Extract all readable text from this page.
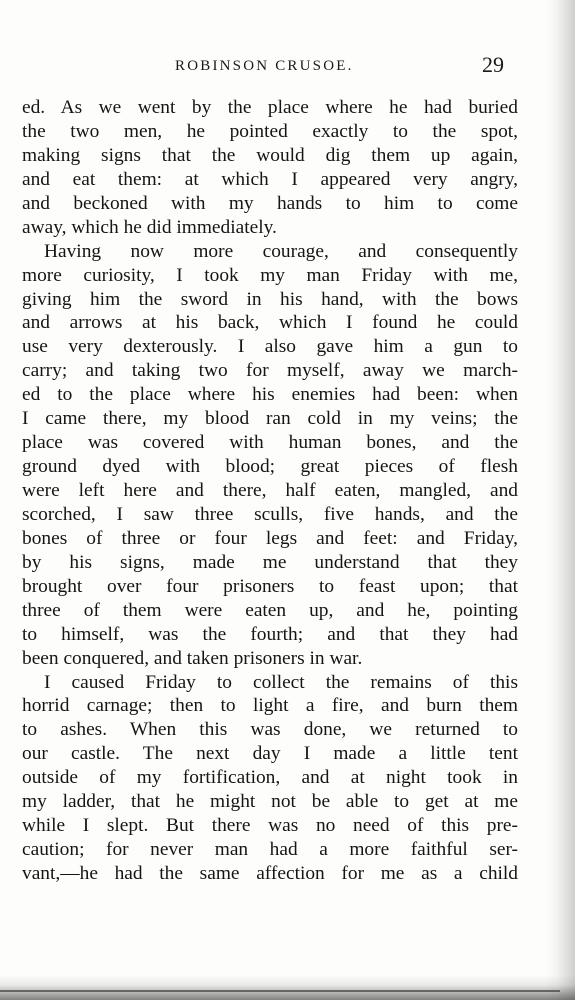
ROBINSON CRUSOE.	29
ed. As we went by the place where he had buried
the two men, he pointed exactly to the spot,
making signs that the would dig them up again,
and eat them: at which I appeared very angry,
and beckoned with my hands to him to come
away, which he did immediately.
Having now more courage, and consequently
more curiosity, I took my man Friday with me,
giving him the sword in his hand, with the bows
and arrows at his back, which I found he could
use very dexterously. I also gave him a gun to
carry; and taking two for myself, away we march-
ed to the place where his enemies had been: when
I came there, my blood ran cold in my veins; the
place was covered with human bones, and the
ground dyed with blood; great pieces of flesh
were left here and there, half eaten, mangled, and
scorched, I saw three sculls, five hands, and the
bones of three or four legs and feet: and Friday,
by his signs, made me understand that they
brought over four prisoners to feast upon; that
three of them were eaten up, and he, pointing
to himself, was the fourth; and that they had
been conquered, and taken prisoners in war.
I caused Friday to collect the remains of this
horrid carnage; then to light a fire, and burn them
to ashes. When this was done, we returned to
our castle. The next day I made a little tent
outside of my fortification, and at night took in
my ladder, that he might not be able to get at me
while I slept. But there was no need of this pre-
caution; for never man had a more faithful ser-
vant,—he had the same affection for me as a child
